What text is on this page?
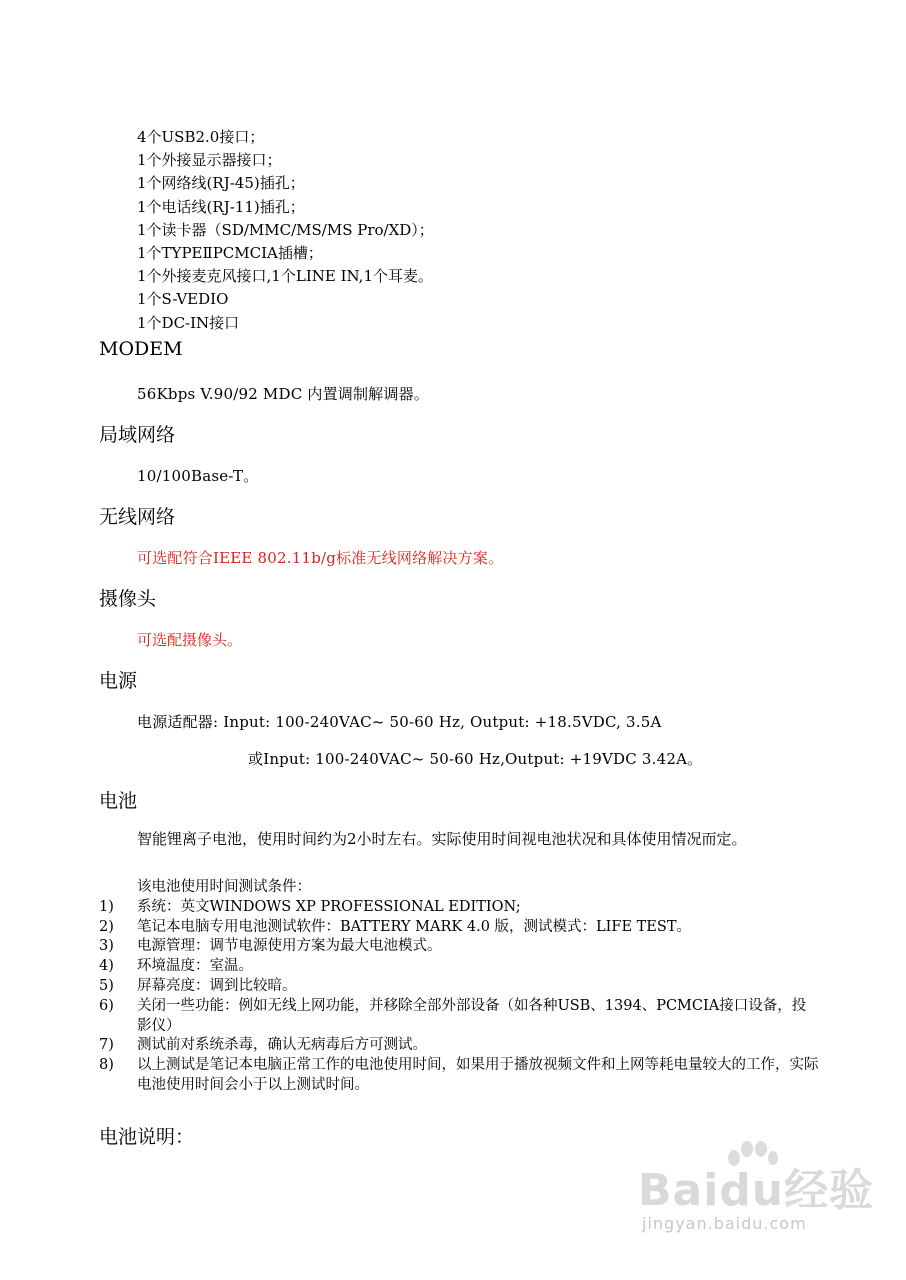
4个USB2.0接口；
1个外接显示器接口；
1个网络线(RJ-45)插孔；
1个电话线(RJ-11)插孔；
1个读卡器（SD/MMC/MS/MS Pro/XD）；
1个TYPEⅡPCMCIA插槽；
1个外接麦克风接口,1个LINE IN,1个耳麦。
1个S-VEDIO
1个DC-IN接口
MODEM
56Kbps V.90/92 MDC 内置调制解调器。
局域网络
10/100Base-T。
无线网络
可选配符合IEEE 802.11b/g标准无线网络解决方案。
摄像头
可选配摄像头。
电源
电源适配器: Input: 100-240VAC~ 50-60 Hz, Output: +18.5VDC, 3.5A
或Input: 100-240VAC~ 50-60 Hz,Output: +19VDC 3.42A。
电池
智能锂离子电池，使用时间约为2小时左右。实际使用时间视电池状况和具体使用情况而定。
该电池使用时间测试条件：
1)	系统：英文WINDOWS XP PROFESSIONAL EDITION;
2)	笔记本电脑专用电池测试软件：BATTERY MARK 4.0 版，测试模式：LIFE TEST。
3)	电源管理：调节电源使用方案为最大电池模式。
4)	环境温度：室温。
5)	屏幕亮度：调到比较暗。
6)	关闭一些功能：例如无线上网功能，并移除全部外部设备（如各种USB、1394、PCMCIA接口设备，投影仪）
7)	测试前对系统杀毒，确认无病毒后方可测试。
8)	以上测试是笔记本电脑正常工作的电池使用时间，如果用于播放视频文件和上网等耗电量较大的工作，实际电池使用时间会小于以上测试时间。
电池说明：
Baidu经验
jingyan.baidu.com
